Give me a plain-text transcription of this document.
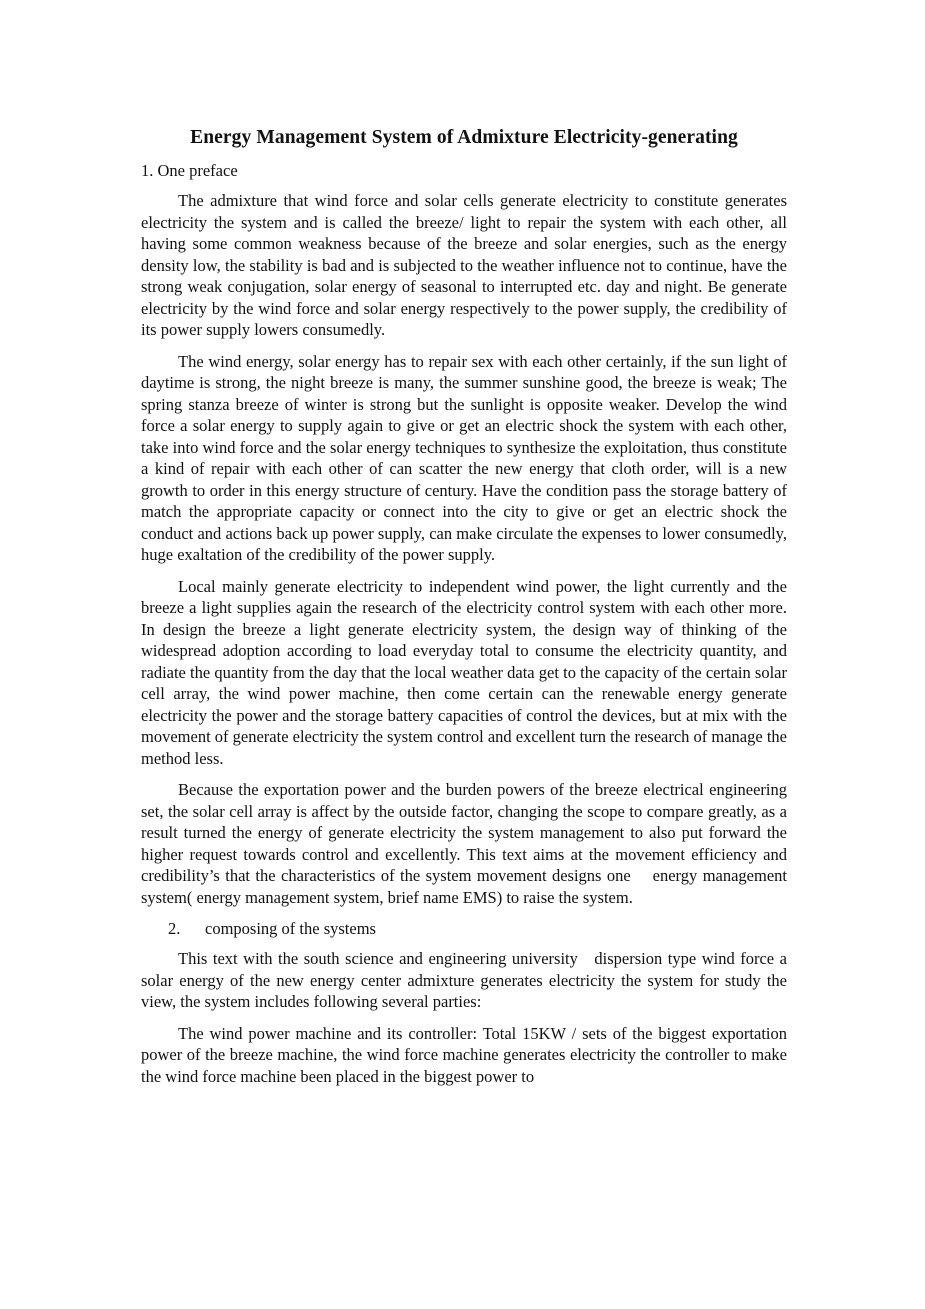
Energy Management System of Admixture Electricity-generating
1. One preface

The admixture that wind force and solar cells generate electricity to constitute generates electricity the system and is called the breeze/ light to repair the system with each other, all having some common weakness because of the breeze and solar energies, such as the energy density low, the stability is bad and is subjected to the weather influence not to continue, have the strong weak conjugation, solar energy of seasonal to interrupted etc. day and night. Be generate electricity by the wind force and solar energy respectively to the power supply, the credibility of its power supply lowers consumedly.

The wind energy, solar energy has to repair sex with each other certainly, if the sun light of daytime is strong, the night breeze is many, the summer sunshine good, the breeze is weak; The spring stanza breeze of winter is strong but the sunlight is opposite weaker. Develop the wind force a solar energy to supply again to give or get an electric shock the system with each other, take into wind force and the solar energy techniques to synthesize the exploitation, thus constitute a kind of repair with each other of can scatter the new energy that cloth order, will is a new growth to order in this energy structure of century. Have the condition pass the storage battery of match the appropriate capacity or connect into the city to give or get an electric shock the conduct and actions back up power supply, can make circulate the expenses to lower consumedly, huge exaltation of the credibility of the power supply.

Local mainly generate electricity to independent wind power, the light currently and the breeze a light supplies again the research of the electricity control system with each other more. In design the breeze a light generate electricity system, the design way of thinking of the widespread adoption according to load everyday total to consume the electricity quantity, and radiate the quantity from the day that the local weather data get to the capacity of the certain solar cell array, the wind power machine, then come certain can the renewable energy generate electricity the power and the storage battery capacities of control the devices, but at mix with the movement of generate electricity the system control and excellent turn the research of manage the method less.

Because the exportation power and the burden powers of the breeze electrical engineering set, the solar cell array is affect by the outside factor, changing the scope to compare greatly, as a result turned the energy of generate electricity the system management to also put forward the higher request towards control and excellently. This text aims at the movement efficiency and credibility’s that the characteristics of the system movement designs one  energy management system( energy management system, brief name EMS) to raise the system.

2. composing of the systems

This text with the south science and engineering university dispersion type wind force a solar energy of the new energy center admixture generates electricity the system for study the view, the system includes following several parties:

The wind power machine and its controller: Total 15KW / sets of the biggest exportation power of the breeze machine, the wind force machine generates electricity the controller to make the wind force machine been placed in the biggest power to
